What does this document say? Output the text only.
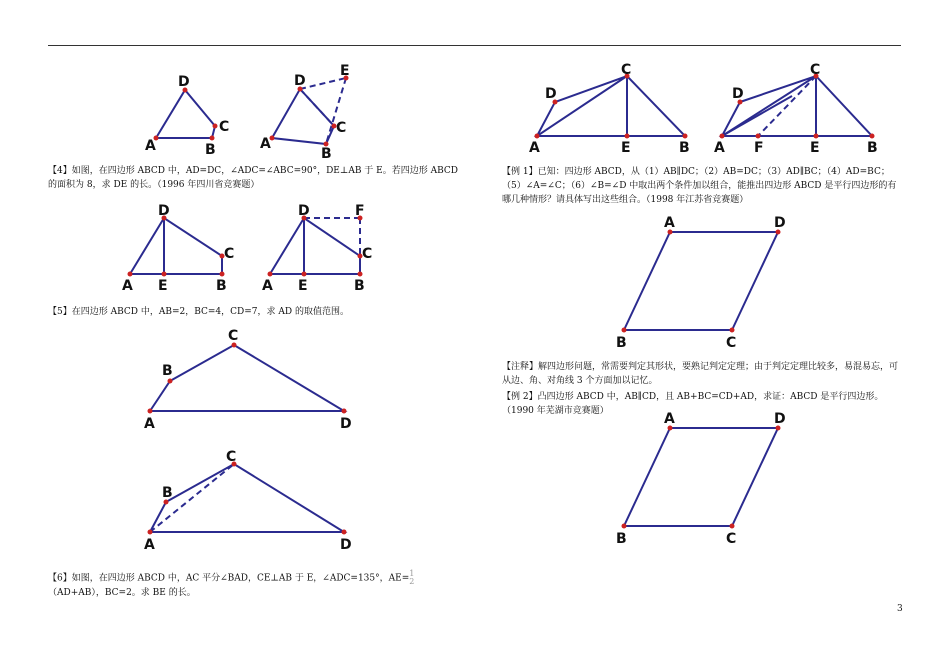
D
A
C
B
D
E
A
C
B

【4】如图，在四边形 ABCD 中，AD=DC，∠ADC=∠ABC=90°，DE⊥AB 于 E。若四边形 ABCD 的面积为 8，求 DE 的长。（1996 年四川省竞赛题）

D
A E	B
C
D	F
A E	B
C

【5】在四边形 ABCD 中，AB=2，BC=4，CD=7，求 AD 的取值范围。

C
B
A	D
C
B
A	D

【6】如图，在四边形 ABCD 中，AC 平分∠BAD，CE⊥AB 于 E，∠ADC=135°，AE=1
2（AD+AB），BC=2。求 BE 的长。

C
D
A	E	B
C
D
A F	E	B

【例 1】已知：四边形 ABCD，从（1）AB∥DC；（2）AB=DC；（3）AD∥BC；（4）AD=BC；（5）∠A=∠C；（6）∠B=∠D 中取出两个条件加以组合，能推出四边形 ABCD 是平行四边形的有哪几种情形？请具体写出这些组合。（1998 年江苏省竞赛题）

A	D
B	C

【注释】解四边形问题，常需要判定其形状，要熟记判定定理；由于判定定理比较多，易混易忘，可从边、角、对角线 3 个方面加以记忆。

【例 2】凸四边形 ABCD 中，AB∥CD，且 AB+BC=CD+AD，求证：ABCD 是平行四边形。（1990 年芜湖市竞赛题）	A	D
B	C
3
